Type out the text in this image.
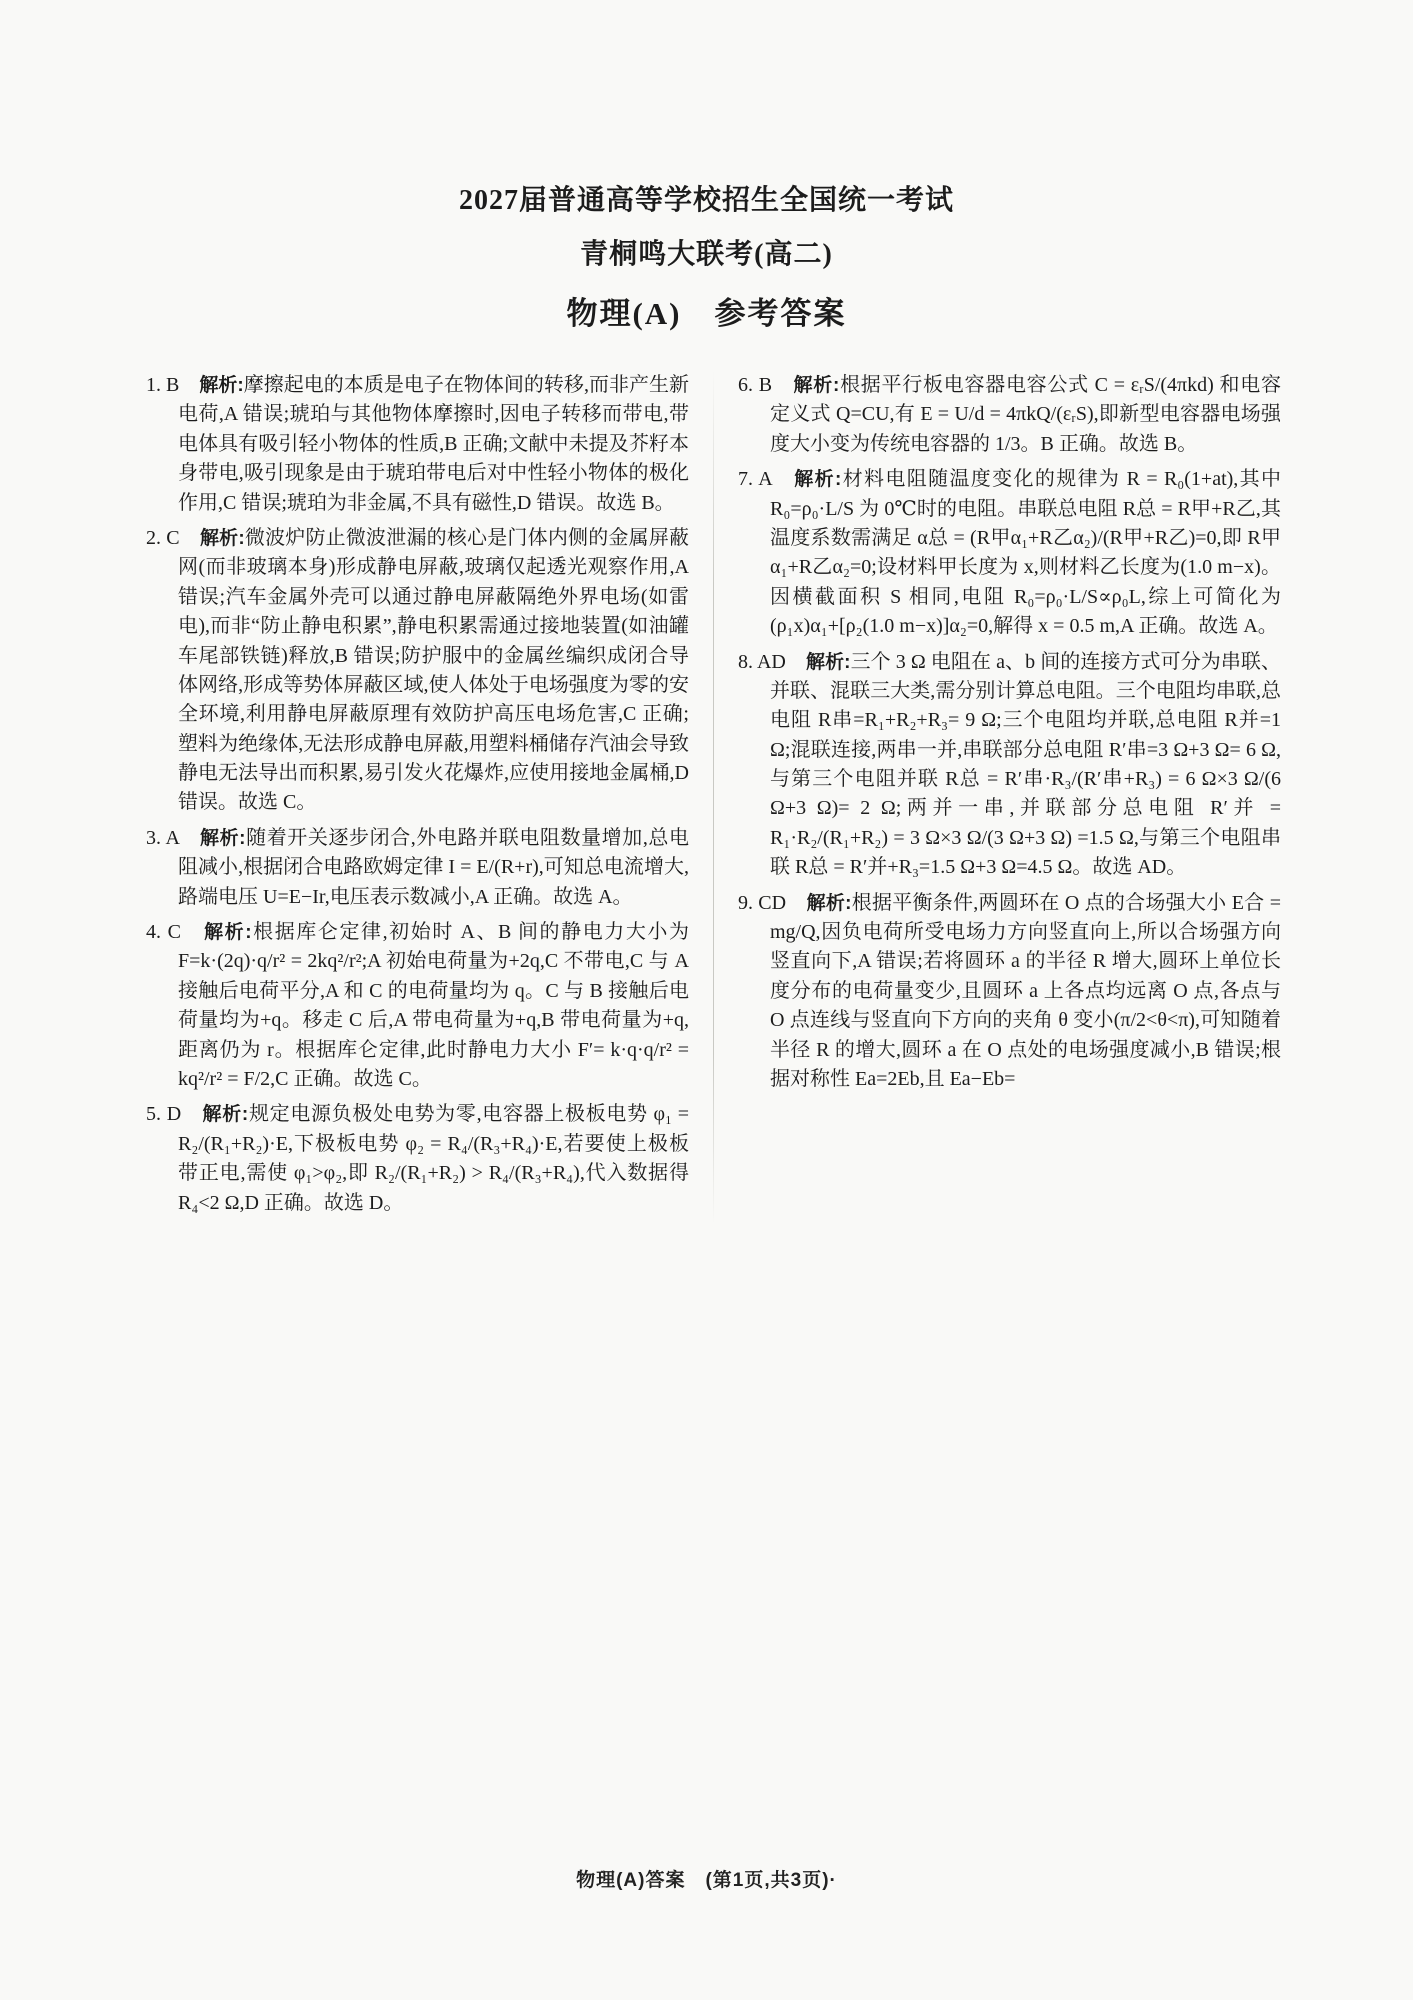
2027届普通高等学校招生全国统一考试
青桐鸣大联考(高二)
物理(A)　参考答案
1. B　解析:摩擦起电的本质是电子在物体间的转移,而非产生新电荷,A 错误;琥珀与其他物体摩擦时,因电子转移而带电,带电体具有吸引轻小物体的性质,B 正确;文献中未提及芥籽本身带电,吸引现象是由于琥珀带电后对中性轻小物体的极化作用,C 错误;琥珀为非金属,不具有磁性,D 错误。故选 B。
2. C　解析:微波炉防止微波泄漏的核心是门体内侧的金属屏蔽网(而非玻璃本身)形成静电屏蔽,玻璃仅起透光观察作用,A 错误;汽车金属外壳可以通过静电屏蔽隔绝外界电场(如雷电),而非“防止静电积累”,静电积累需通过接地装置(如油罐车尾部铁链)释放,B 错误;防护服中的金属丝编织成闭合导体网络,形成等势体屏蔽区域,使人体处于电场强度为零的安全环境,利用静电屏蔽原理有效防护高压电场危害,C 正确;塑料为绝缘体,无法形成静电屏蔽,用塑料桶储存汽油会导致静电无法导出而积累,易引发火花爆炸,应使用接地金属桶,D 错误。故选 C。
3. A　解析:随着开关逐步闭合,外电路并联电阻数量增加,总电阻减小,根据闭合电路欧姆定律 I = E/(R+r),可知总电流增大,路端电压 U=E−Ir,电压表示数减小,A 正确。故选 A。
4. C　解析:根据库仑定律,初始时 A、B 间的静电力大小为 F=k·(2q)·q/r² = 2kq²/r²;A 初始电荷量为+2q,C 不带电,C 与 A 接触后电荷平分,A 和 C 的电荷量均为 q。C 与 B 接触后电荷量均为+q。移走 C 后,A 带电荷量为+q,B 带电荷量为+q,距离仍为 r。根据库仑定律,此时静电力大小 F′= k·q·q/r² = kq²/r² = F/2,C 正确。故选 C。
5. D　解析:规定电源负极处电势为零,电容器上极板电势 φ₁ = R₂/(R₁+R₂)·E,下极板电势 φ₂ = R₄/(R₃+R₄)·E,若要使上极板带正电,需使 φ₁>φ₂,即 R₂/(R₁+R₂) > R₄/(R₃+R₄),代入数据得 R₄<2 Ω,D 正确。故选 D。
6. B　解析:根据平行板电容器电容公式 C = εᵣS/(4πkd) 和电容定义式 Q=CU,有 E = U/d = 4πkQ/(εᵣS),即新型电容器电场强度大小变为传统电容器的 1/3。B 正确。故选 B。
7. A　解析:材料电阻随温度变化的规律为 R = R₀(1+at),其中 R₀=ρ₀·L/S 为 0℃时的电阻。串联总电阻 R总 = R甲+R乙,其温度系数需满足 α总 = (R甲α₁+R乙α₂)/(R甲+R乙)=0,即 R甲α₁+R乙α₂=0;设材料甲长度为 x,则材料乙长度为(1.0 m−x)。因横截面积 S 相同,电阻 R₀=ρ₀·L/S∝ρ₀L,综上可简化为(ρ₁x)α₁+[ρ₂(1.0 m−x)]α₂=0,解得 x = 0.5 m,A 正确。故选 A。
8. AD　解析:三个 3 Ω 电阻在 a、b 间的连接方式可分为串联、并联、混联三大类,需分别计算总电阻。三个电阻均串联,总电阻 R串=R₁+R₂+R₃= 9 Ω;三个电阻均并联,总电阻 R并=1 Ω;混联连接,两串一并,串联部分总电阻 R′串=3 Ω+3 Ω= 6 Ω,与第三个电阻并联 R总 = R′串·R₃/(R′串+R₃) = 6 Ω×3 Ω/(6 Ω+3 Ω)= 2 Ω;两并一串,并联部分总电阻 R′并 = R₁·R₂/(R₁+R₂) = 3 Ω×3 Ω/(3 Ω+3 Ω) =1.5 Ω,与第三个电阻串联 R总 = R′并+R₃=1.5 Ω+3 Ω=4.5 Ω。故选 AD。
9. CD　解析:根据平衡条件,两圆环在 O 点的合场强大小 E合 = mg/Q,因负电荷所受电场力方向竖直向上,所以合场强方向竖直向下,A 错误;若将圆环 a 的半径 R 增大,圆环上单位长度分布的电荷量变少,且圆环 a 上各点均远离 O 点,各点与 O 点连线与竖直向下方向的夹角 θ 变小(π/2<θ<π),可知随着半径 R 的增大,圆环 a 在 O 点处的电场强度减小,B 错误;根据对称性 Ea=2Eb,且 Ea−Eb=
物理(A)答案　(第1页,共3页)·
